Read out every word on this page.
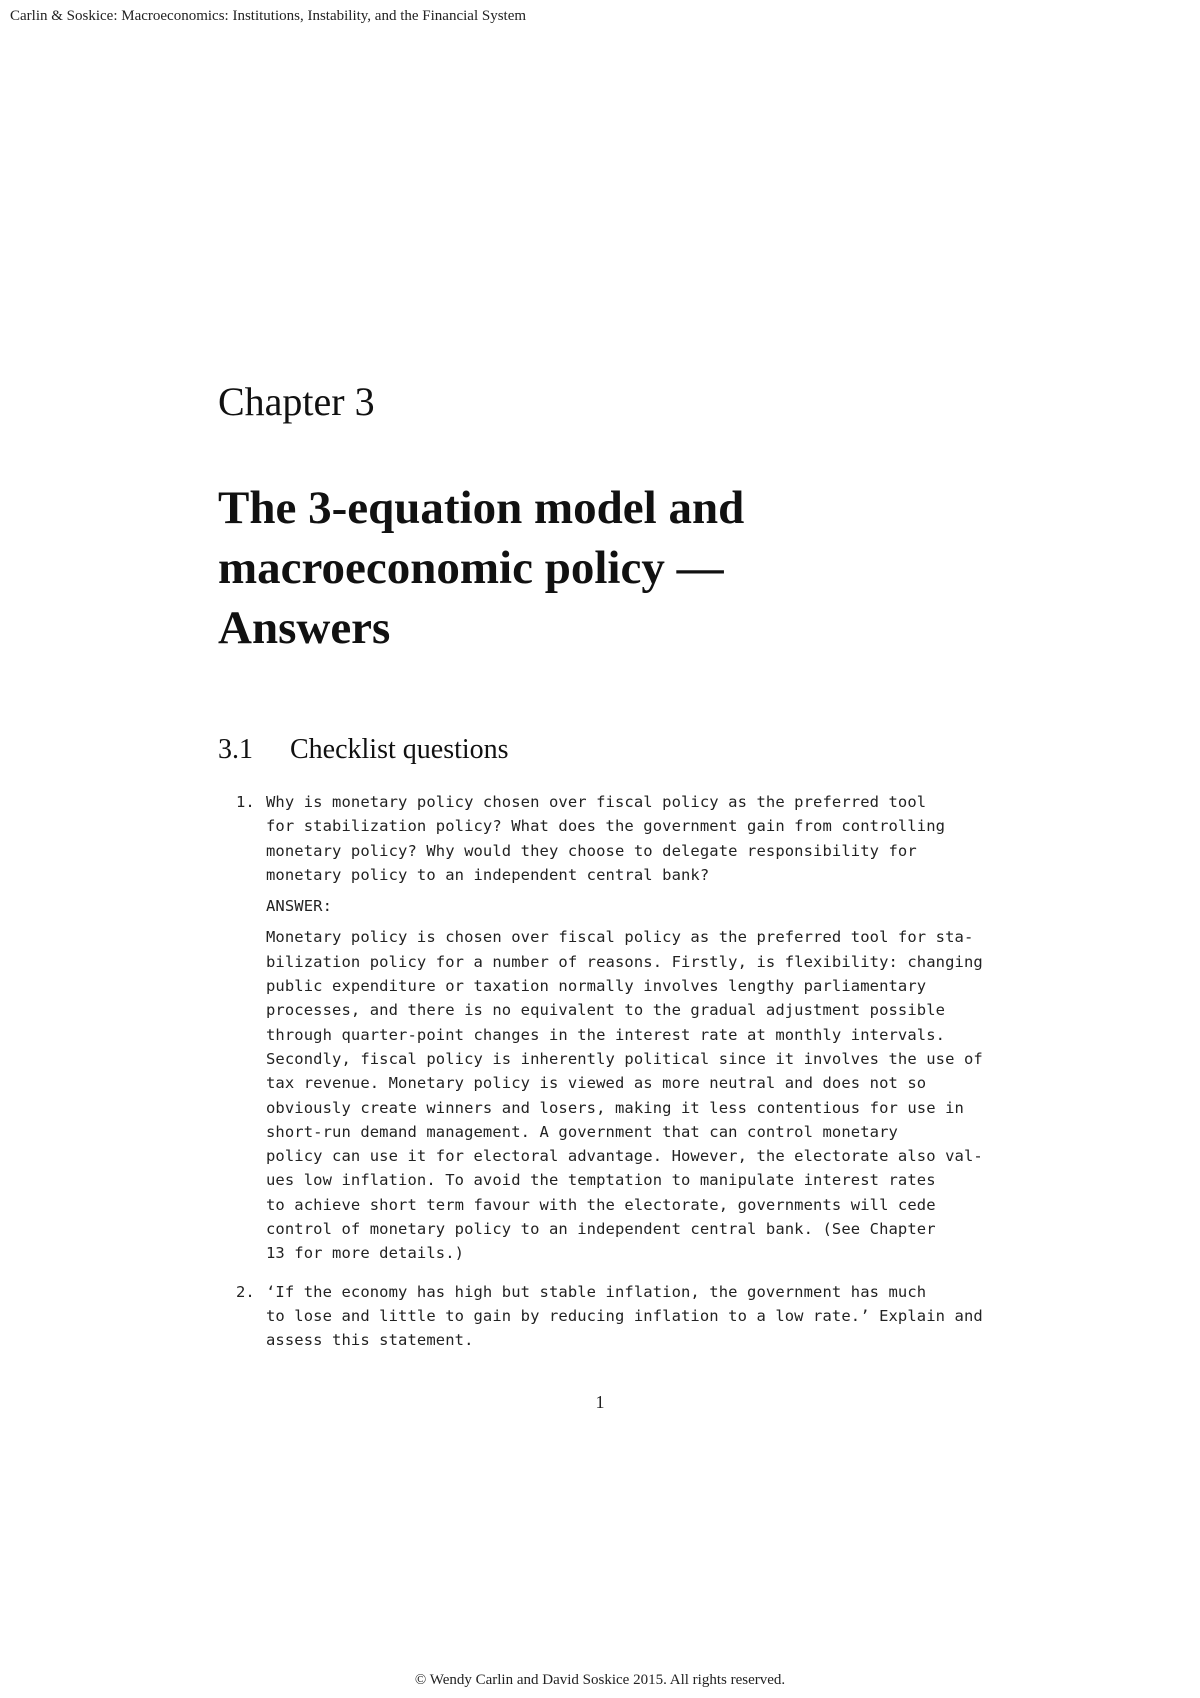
Carlin & Soskice: Macroeconomics: Institutions, Instability, and the Financial System
Chapter 3
The 3-equation model and
macroeconomic policy —
Answers
3.1 Checklist questions
1. Why is monetary policy chosen over fiscal policy as the preferred tool
for stabilization policy? What does the government gain from controlling
monetary policy? Why would they choose to delegate responsibility for
monetary policy to an independent central bank?

ANSWER:

Monetary policy is chosen over fiscal policy as the preferred tool for sta-
bilization policy for a number of reasons. Firstly, is flexibility: changing
public expenditure or taxation normally involves lengthy parliamentary
processes, and there is no equivalent to the gradual adjustment possible
through quarter-point changes in the interest rate at monthly intervals.
Secondly, fiscal policy is inherently political since it involves the use of
tax revenue. Monetary policy is viewed as more neutral and does not so
obviously create winners and losers, making it less contentious for use in
short-run demand management. A government that can control monetary
policy can use it for electoral advantage. However, the electorate also val-
ues low inflation. To avoid the temptation to manipulate interest rates
to achieve short term favour with the electorate, governments will cede
control of monetary policy to an independent central bank. (See Chapter
13 for more details.)

2. ‘If the economy has high but stable inflation, the government has much
to lose and little to gain by reducing inflation to a low rate.’ Explain and
assess this statement.

1
© Wendy Carlin and David Soskice 2015. All rights reserved.
